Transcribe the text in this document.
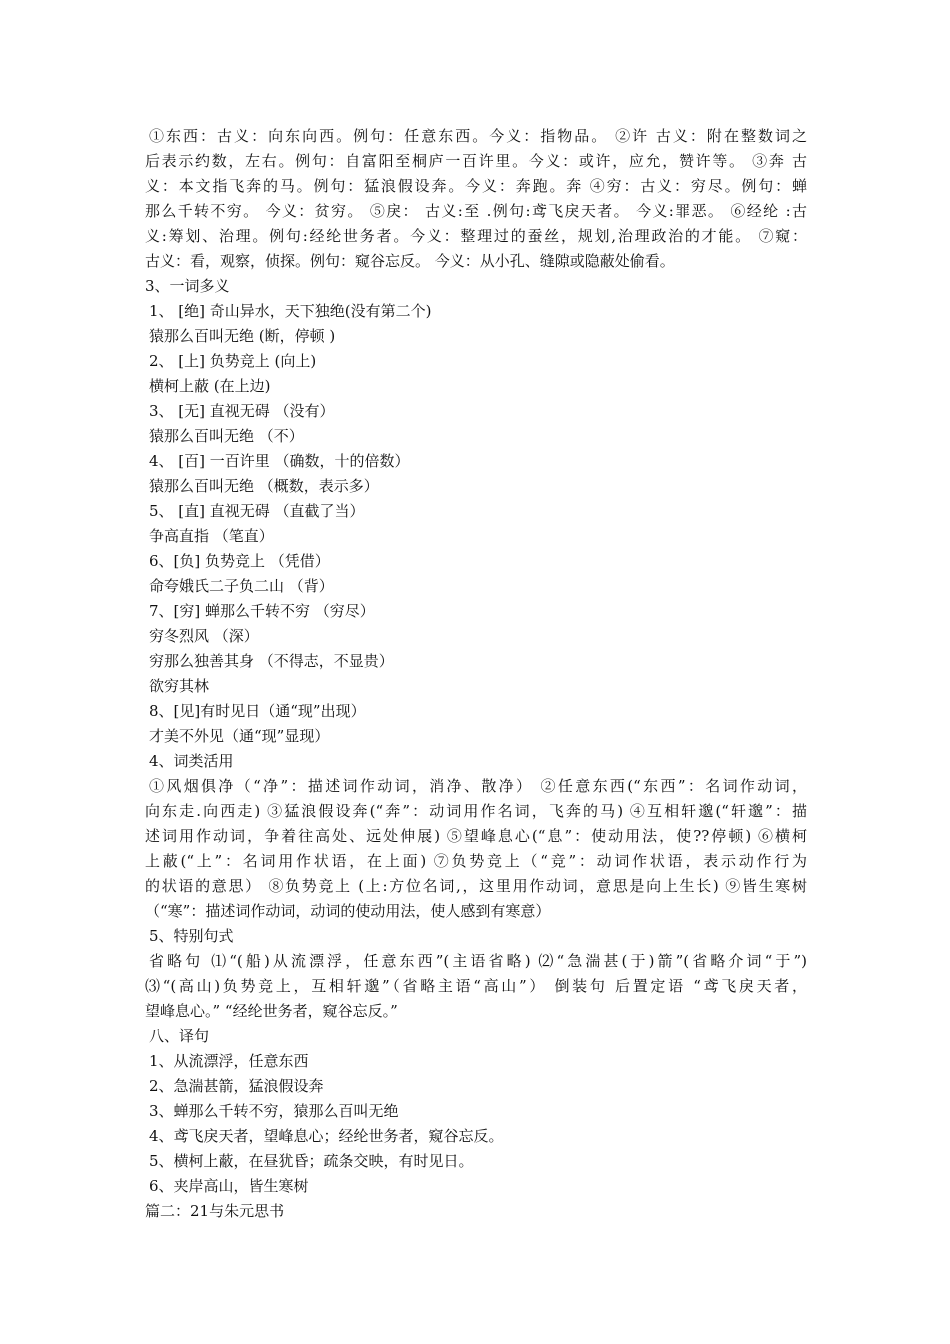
①东西：古义：向东向西。例句：任意东西。今义：指物品。 ②许 古义：附在整数词之
后表示约数，左右。例句：自富阳至桐庐一百许里。今义：或许，应允，赞许等。 ③奔 古
义：本文指飞奔的马。例句：猛浪假设奔。今义：奔跑。奔 ④穷：古义：穷尽。例句：蝉
那么千转不穷。 今义：贫穷。 ⑤戾： 古义:至 .例句:鸢飞戾天者。 今义:罪恶。 ⑥经纶 :古
义:筹划、治理。例句:经纶世务者。今义：整理过的蚕丝，规划,治理政治的才能。 ⑦窥：
古义：看，观察，侦探。例句：窥谷忘反。 今义：从小孔、缝隙或隐蔽处偷看。
3、一词多义
1、 [绝] 奇山异水，天下独绝(没有第二个)
猿那么百叫无绝 (断，停顿 )
2、 [上] 负势竞上 (向上)
横柯上蔽 (在上边)
3、 [无] 直视无碍 （没有）
猿那么百叫无绝 （不）
4、 [百] 一百许里 （确数，十的倍数）
猿那么百叫无绝 （概数，表示多）
5、 [直] 直视无碍 （直截了当）
争高直指 （笔直）
6、[负] 负势竞上 （凭借）
命夸娥氏二子负二山 （背）
7、[穷] 蝉那么千转不穷 （穷尽）
穷冬烈风 （深）
穷那么独善其身 （不得志，不显贵）
欲穷其林
8、[见]有时见日（通“现”出现）
才美不外见（通“现”显现）
4、词类活用
①风烟俱净（“净”：描述词作动词，消净、散净） ②任意东西(“东西”：名词作动词，
向东走.向西走) ③猛浪假设奔(“奔”：动词用作名词，飞奔的马) ④互相轩邈(“轩邈”：描
述词用作动词，争着往高处、远处伸展) ⑤望峰息心(“息”：使动用法，使??停顿) ⑥横柯
上蔽(“上”：名词用作状语，在上面) ⑦负势竞上（“竞”：动词作状语，表示动作行为
的状语的意思） ⑧负势竞上 (上:方位名词,，这里用作动词，意思是向上生长) ⑨皆生寒树
（“寒”：描述词作动词，动词的使动用法，使人感到有寒意）
5、特别句式
省略句 ⑴“(船)从流漂浮，任意东西”(主语省略) ⑵“急湍甚(于)箭”(省略介词“于”)
⑶“(高山)负势竞上，互相轩邈”（省略主语“高山”） 倒装句 后置定语 “鸢飞戾天者，
望峰息心。” “经纶世务者，窥谷忘反。”
八、译句
1、从流漂浮，任意东西
2、急湍甚箭，猛浪假设奔
3、蝉那么千转不穷，猿那么百叫无绝
4、鸢飞戾天者，望峰息心；经纶世务者，窥谷忘反。
5、横柯上蔽，在昼犹昏；疏条交映，有时见日。
6、夹岸高山，皆生寒树
篇二：21与朱元思书
